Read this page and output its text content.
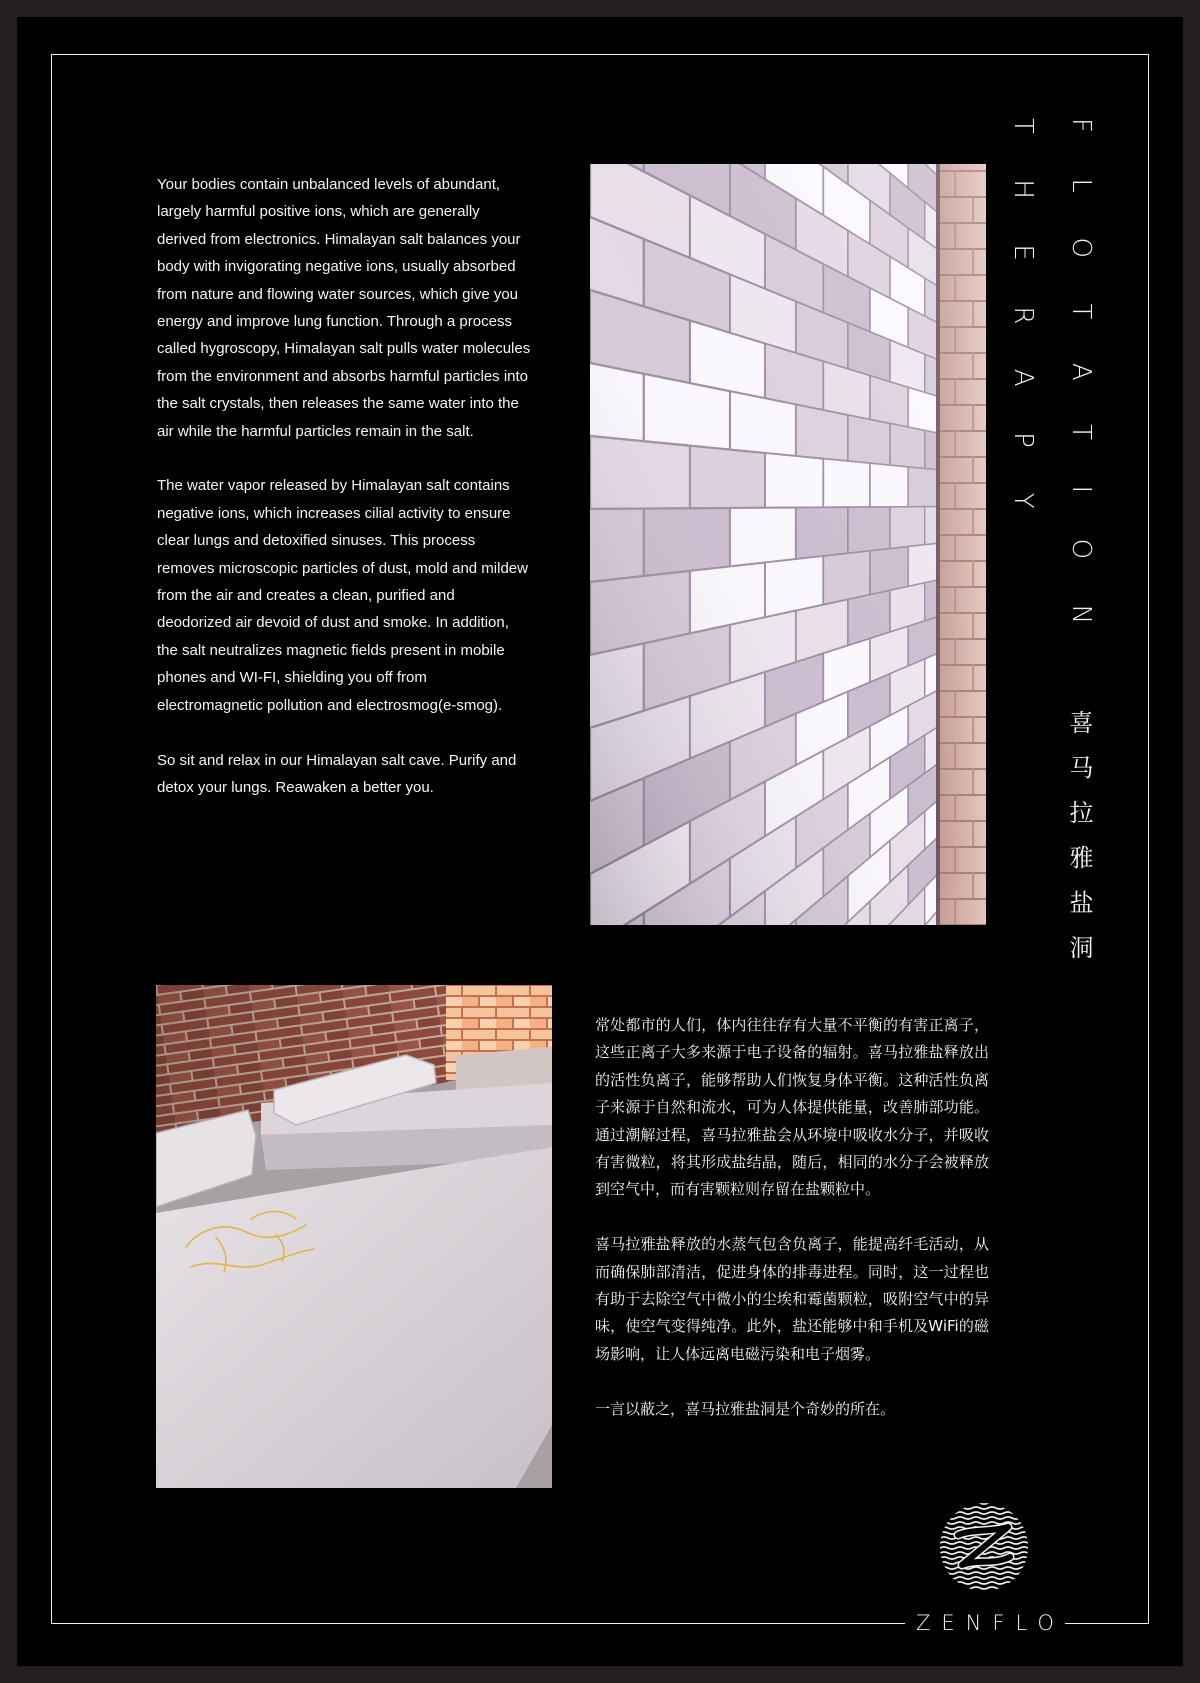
Your bodies contain unbalanced levels of abundant, largely harmful positive ions, which are generally derived from electronics. Himalayan salt balances your body with invigorating negative ions, usually absorbed from nature and flowing water sources, which give you energy and improve lung function. Through a process called hygroscopy, Himalayan salt pulls water molecules from the environment and absorbs harmful particles into the salt crystals, then releases the same water into the air while the harmful particles remain in the salt.

The water vapor released by Himalayan salt contains negative ions, which increases cilial activity to ensure clear lungs and detoxified sinuses. This process removes microscopic particles of dust, mold and mildew from the air and creates a clean, purified and deodorized air devoid of dust and smoke. In addition, the salt neutralizes magnetic fields present in mobile phones and WI-FI, shielding you off from electromagnetic pollution and electrosmog(e-smog).

So sit and relax in our Himalayan salt cave. Purify and detox your lungs. Reawaken a better you.

FLOTATION
THERAPY
喜马拉雅盐洞

常处都市的人们，体内往往存有大量不平衡的有害正离子，这些正离子大多来源于电子设备的辐射。喜马拉雅盐释放出的活性负离子，能够帮助人们恢复身体平衡。这种活性负离子来源于自然和流水，可为人体提供能量，改善肺部功能。通过潮解过程，喜马拉雅盐会从环境中吸收水分子，并吸收有害微粒，将其形成盐结晶，随后，相同的水分子会被释放到空气中，而有害颗粒则存留在盐颗粒中。

喜马拉雅盐释放的水蒸气包含负离子，能提高纤毛活动，从而确保肺部清洁，促进身体的排毒进程。同时，这一过程也有助于去除空气中微小的尘埃和霉菌颗粒，吸附空气中的异味，使空气变得纯净。此外，盐还能够中和手机及WiFi的磁场影响，让人体远离电磁污染和电子烟雾。

一言以蔽之，喜马拉雅盐洞是个奇妙的所在。

ZENFLO
